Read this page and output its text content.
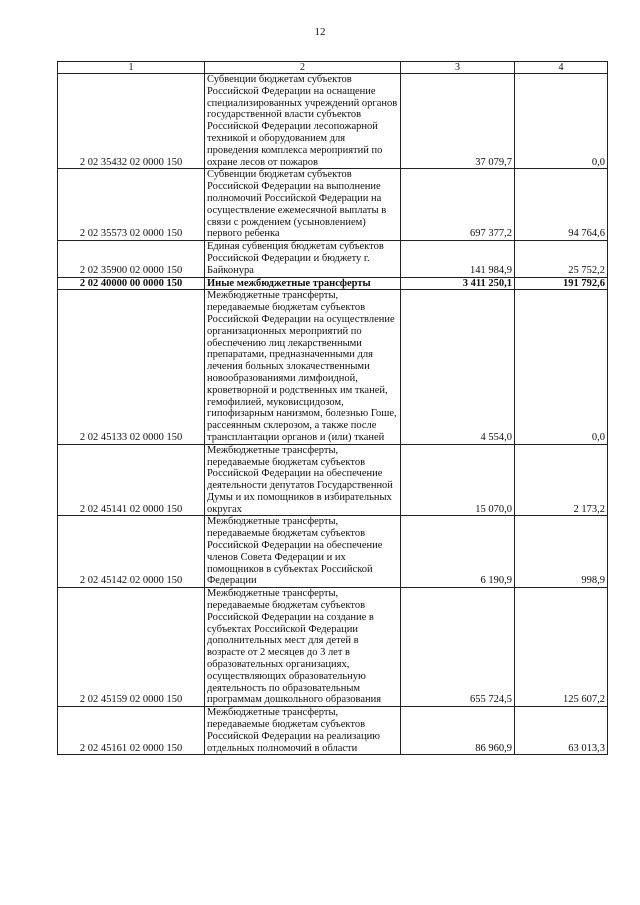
12
1	2	3	4
2 02 35432 02 0000 150	Субвенции бюджетам субъектов Российской Федерации на оснащение специализированных учреждений органов государственной власти субъектов Российской Федерации лесопожарной техникой и оборудованием для проведения комплекса мероприятий по охране лесов от пожаров	37 079,7	0,0
2 02 35573 02 0000 150	Субвенции бюджетам субъектов Российской Федерации на выполнение полномочий Российской Федерации на осуществление ежемесячной выплаты в связи с рождением (усыновлением) первого ребенка	697 377,2	94 764,6
2 02 35900 02 0000 150	Единая субвенция бюджетам субъектов Российской Федерации и бюджету г. Байконура	141 984,9	25 752,2
2 02 40000 00 0000 150	Иные межбюджетные трансферты	3 411 250,1	191 792,6
2 02 45133 02 0000 150	Межбюджетные трансферты, передаваемые бюджетам субъектов Российской Федерации на осуществление организационных мероприятий по обеспечению лиц лекарственными препаратами, предназначенными для лечения больных злокачественными новообразованиями лимфоидной, кроветворной и родственных им тканей, гемофилией, муковисцидозом, гипофизарным нанизмом, болезнью Гоше, рассеянным склерозом, а также после трансплантации органов и (или) тканей	4 554,0	0,0
2 02 45141 02 0000 150	Межбюджетные трансферты, передаваемые бюджетам субъектов Российской Федерации на обеспечение деятельности депутатов Государственной Думы и их помощников в избирательных округах	15 070,0	2 173,2
2 02 45142 02 0000 150	Межбюджетные трансферты, передаваемые бюджетам субъектов Российской Федерации на обеспечение членов Совета Федерации и их помощников в субъектах Российской Федерации	6 190,9	998,9
2 02 45159 02 0000 150	Межбюджетные трансферты, передаваемые бюджетам субъектов Российской Федерации на создание в субъектах Российской Федерации дополнительных мест для детей в возрасте от 2 месяцев до 3 лет в образовательных организациях, осуществляющих образовательную деятельность по образовательным программам дошкольного образования	655 724,5	125 607,2
2 02 45161 02 0000 150	Межбюджетные трансферты, передаваемые бюджетам субъектов Российской Федерации на реализацию отдельных полномочий в области	86 960,9	63 013,3
